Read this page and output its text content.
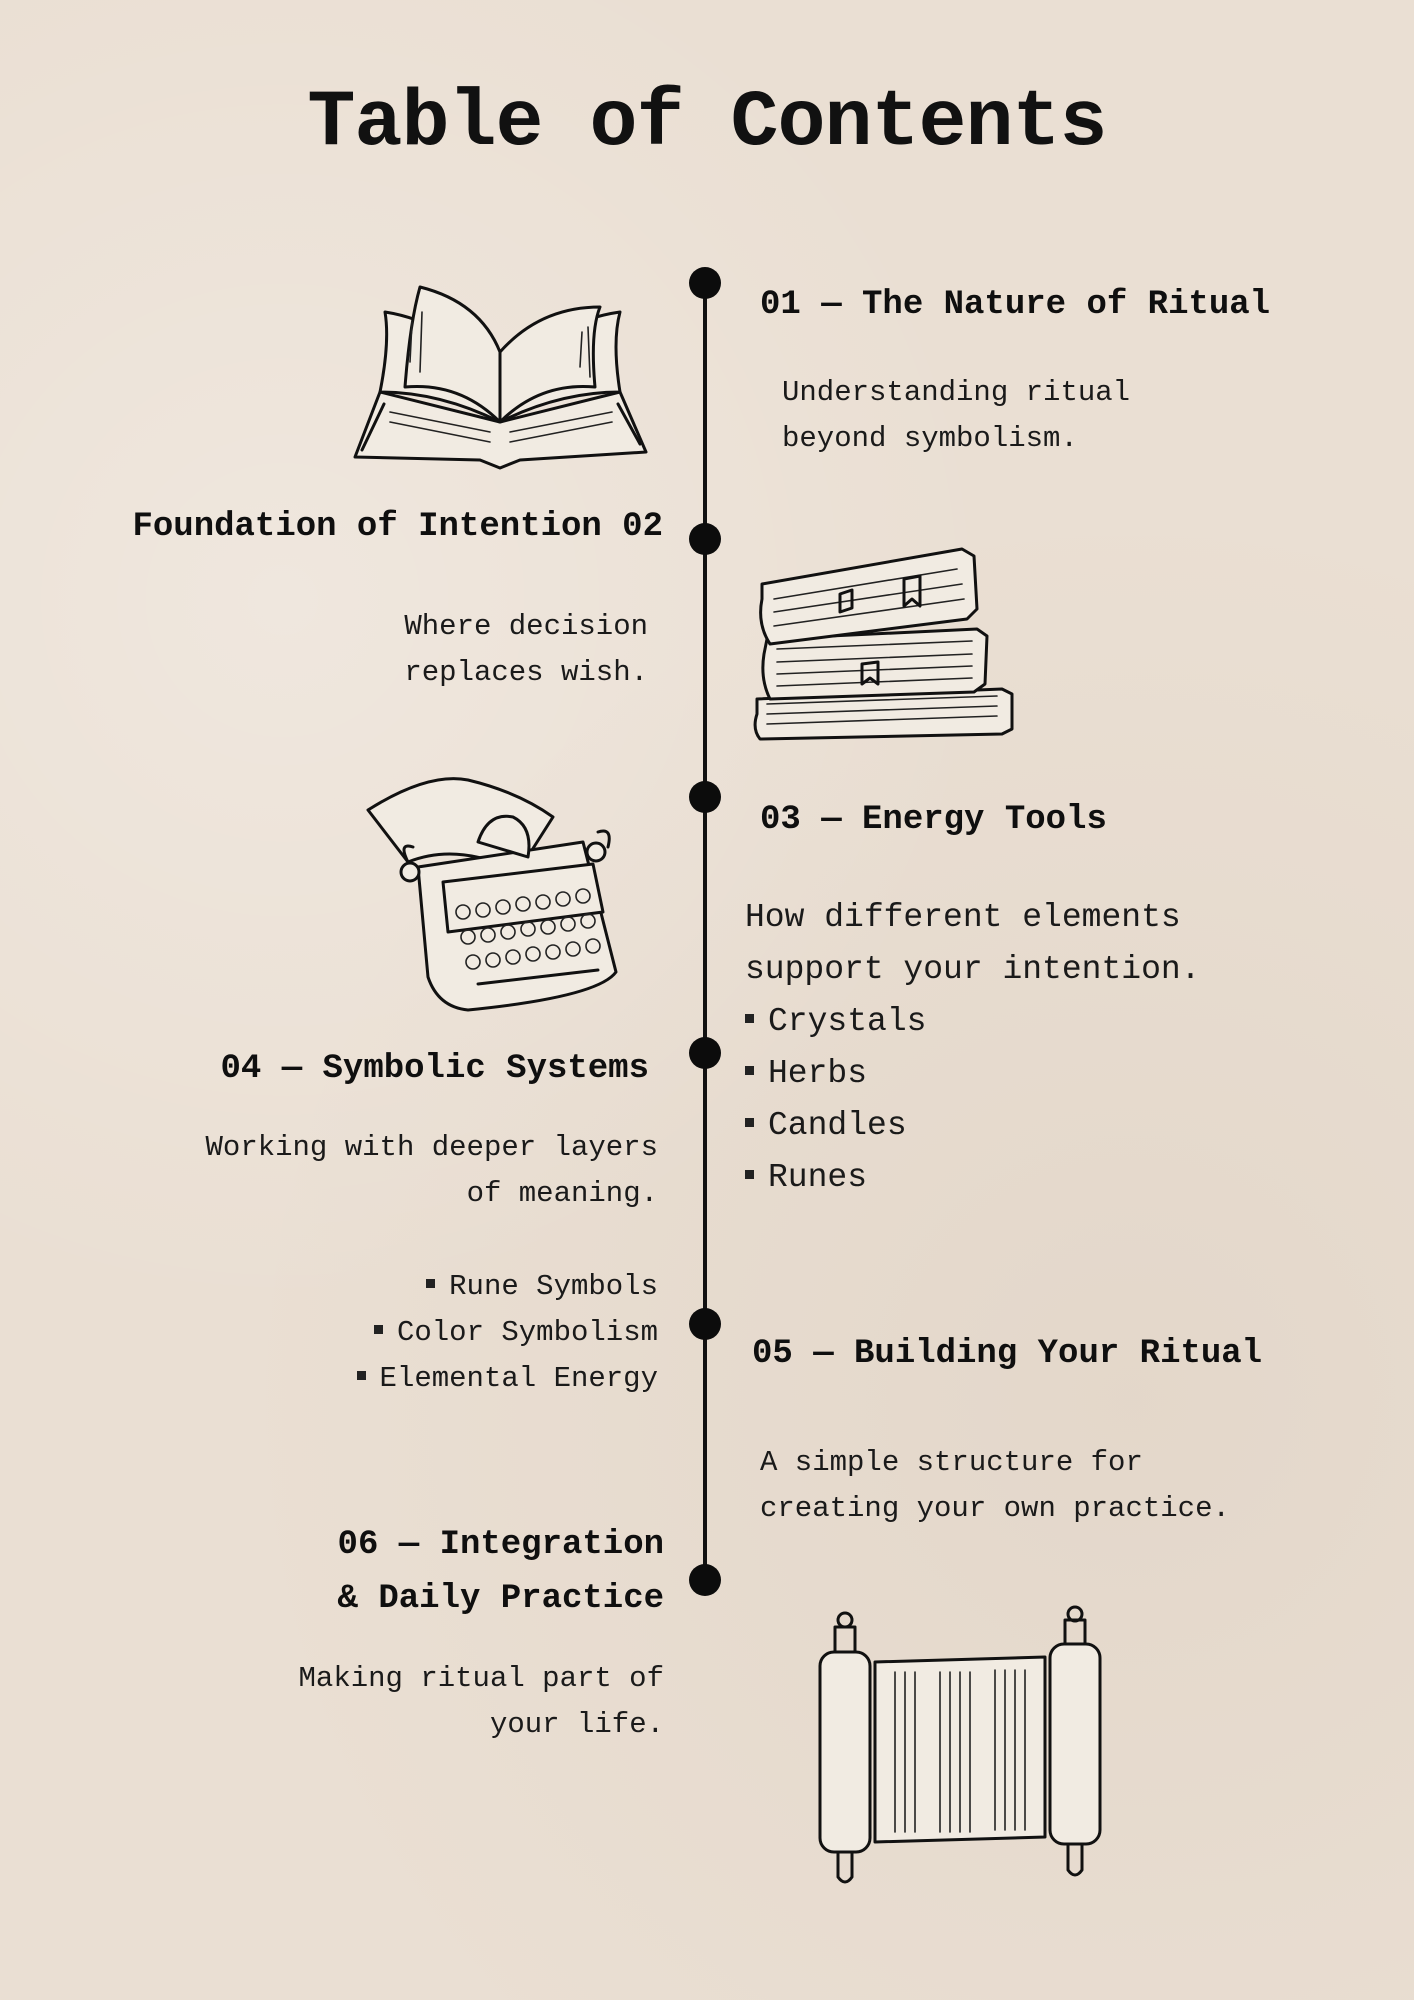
Table of Contents
01 — The Nature of Ritual
Understanding ritual
beyond symbolism.
Foundation of Intention 02
Where decision
replaces wish.
03 — Energy Tools
How different elements
support your intention.
Crystals
Herbs
Candles
Runes
04 — Symbolic Systems
Working with deeper layers
of meaning.
Rune Symbols
Color Symbolism
Elemental Energy
05 — Building Your Ritual
A simple structure for
creating your own practice.
06 — Integration
& Daily Practice
Making ritual part of
your life.
